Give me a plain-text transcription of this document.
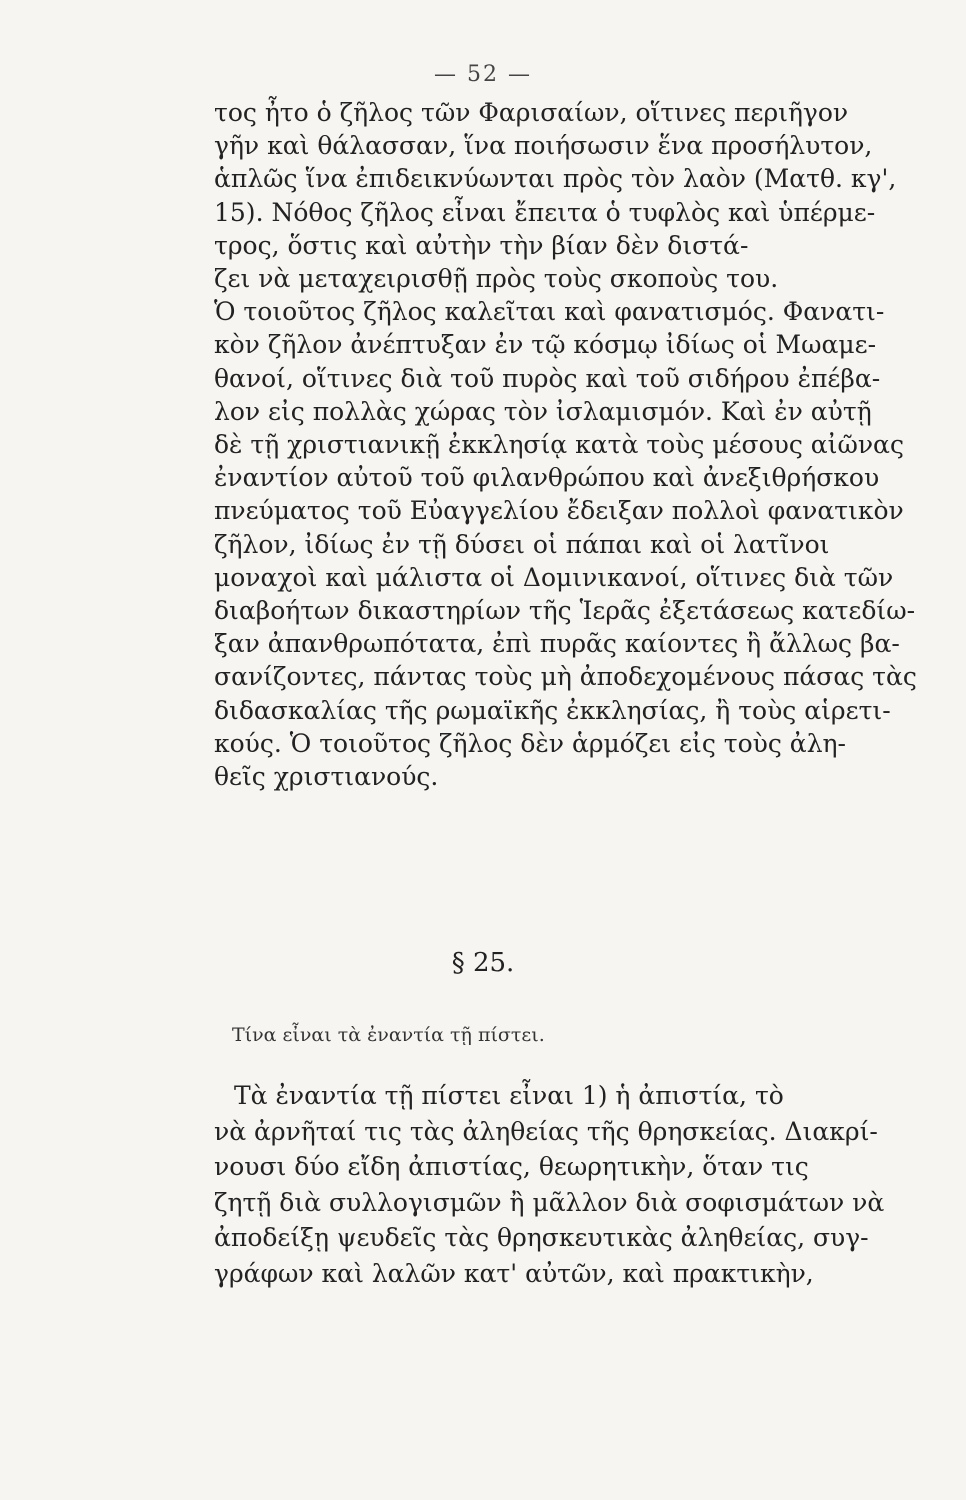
— 52 —
τος ἦτο ὁ ζῆλος τῶν Φαρισαίων, οἵτινες περιῆγον
γῆν καὶ θάλασσαν, ἵνα ποιήσωσιν ἕνα προσήλυτον,
ἁπλῶς ἵνα ἐπιδεικνύωνται πρὸς τὸν λαὸν (Ματθ. κγ',
15). Νόθος ζῆλος εἶναι ἔπειτα ὁ τυφλὸς καὶ ὑπέρμε-
τρος, ὅστις καὶ αὐτὴν τὴν βίαν δὲν διστά-
ζει νὰ μεταχειρισθῇ πρὸς τοὺς σκοποὺς του.
Ὁ τοιοῦτος ζῆλος καλεῖται καὶ φανατισμός. Φανατι-
κὸν ζῆλον ἀνέπτυξαν ἐν τῷ κόσμῳ ἰδίως οἱ Μωαμε-
θανοί, οἵτινες διὰ τοῦ πυρὸς καὶ τοῦ σιδήρου ἐπέβα-
λον εἰς πολλὰς χώρας τὸν ἰσλαμισμόν. Καὶ ἐν αὐτῇ
δὲ τῇ χριστιανικῇ ἐκκλησίᾳ κατὰ τοὺς μέσους αἰῶνας
ἐναντίον αὐτοῦ τοῦ φιλανθρώπου καὶ ἀνεξιθρήσκου
πνεύματος τοῦ Εὐαγγελίου ἔδειξαν πολλοὶ φανατικὸν
ζῆλον, ἰδίως ἐν τῇ δύσει οἱ πάπαι καὶ οἱ λατῖνοι
μοναχοὶ καὶ μάλιστα οἱ Δομινικανοί, οἵτινες διὰ τῶν
διαβοήτων δικαστηρίων τῆς Ἱερᾶς ἐξετάσεως κατεδίω-
ξαν ἀπανθρωπότατα, ἐπὶ πυρᾶς καίοντες ἢ ἄλλως βα-
σανίζοντες, πάντας τοὺς μὴ ἀποδεχομένους πάσας τὰς
διδασκαλίας τῆς ρωμαϊκῆς ἐκκλησίας, ἢ τοὺς αἱρετι-
κούς. Ὁ τοιοῦτος ζῆλος δὲν ἁρμόζει εἰς τοὺς ἀλη-
θεῖς χριστιανούς.
§ 25.
Τίνα εἶναι τὰ ἐναντία τῇ πίστει.
Τὰ ἐναντία τῇ πίστει εἶναι 1) ἡ ἀπιστία, τὸ
νὰ ἀρνῆταί τις τὰς ἀληθείας τῆς θρησκείας. Διακρί-
νουσι δύο εἴδη ἀπιστίας, θεωρητικὴν, ὅταν τις
ζητῇ διὰ συλλογισμῶν ἢ μᾶλλον διὰ σοφισμάτων νὰ
ἀποδείξῃ ψευδεῖς τὰς θρησκευτικὰς ἀληθείας, συγ-
γράφων καὶ λαλῶν κατ' αὐτῶν, καὶ πρακτικὴν,
